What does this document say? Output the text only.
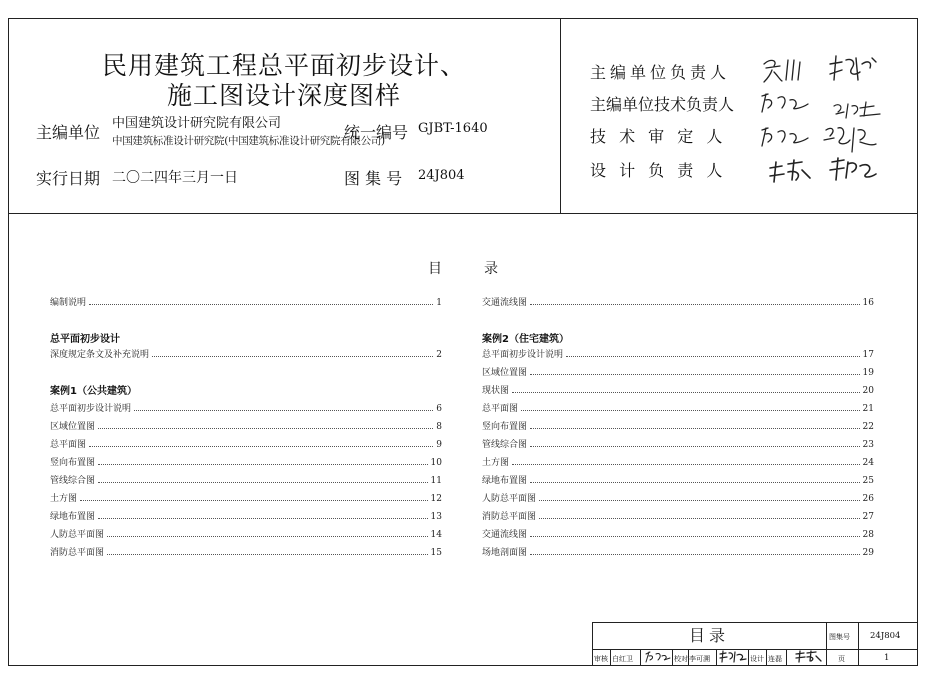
民用建筑工程总平面初步设计、
施工图设计深度图样
主编单位 中国建筑设计研究院有限公司
中国建筑标准设计研究院(中国建筑标准设计研究院有限公司)
统一编号 GJBT-1640
实行日期 二〇二四年三月一日	图 集 号 24J804
主编单位负责人
主编单位技术负责人
技 术 审 定 人
设 计 负 责 人
目	录
编制说明	1
总平面初步设计
深度规定条文及补充说明	2
案例1（公共建筑）
总平面初步设计说明	6
区域位置图	8
总平面图	9
竖向布置图	10
管线综合图	11
土方图	12
绿地布置图	13
人防总平面图	14
消防总平面图	15
交通流线图	16
案例2（住宅建筑）
总平面初步设计说明	17
区域位置图	19
现状图	20
总平面图	21
竖向布置图	22
管线综合图	23
土方图	24
绿地布置图	25
人防总平面图	26
消防总平面图	27
交通流线图	28
场地剖面图	29
目录	图集号 24J804
审核 白红卫	校对 李可溯	设计 连磊	页	1
